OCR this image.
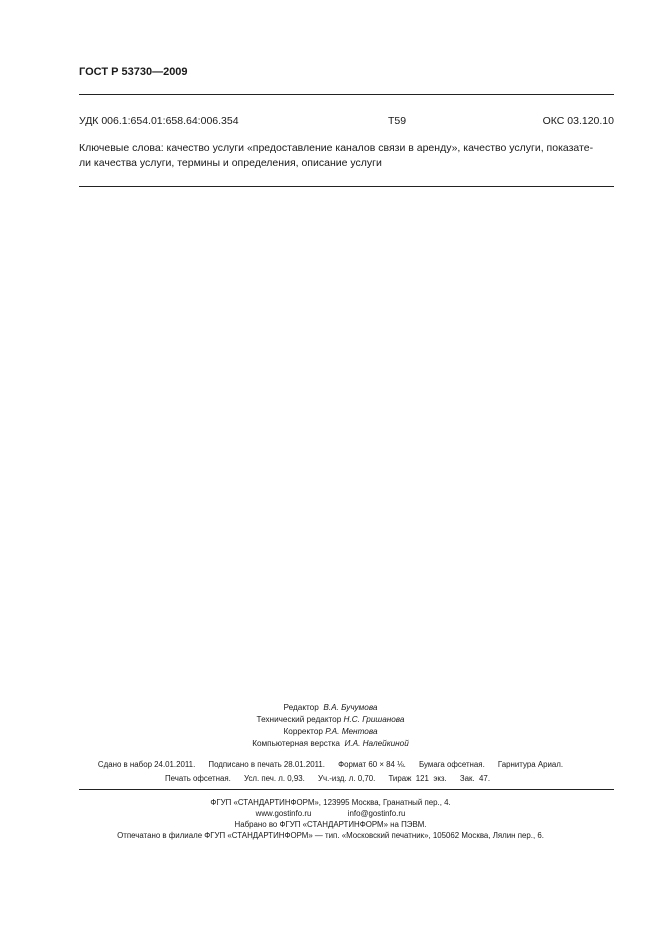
ГОСТ Р 53730—2009
УДК 006.1:654.01:658.64:006.354	Т59	ОКС 03.120.10
Ключевые слова: качество услуги «предоставление каналов связи в аренду», качество услуги, показате-
ли качества услуги, термины и определения, описание услуги
Редактор В.А. Бучумова
Технический редактор Н.С. Гришанова
Корректор Р.А. Ментова
Компьютерная верстка И.А. Налейкиной
Сдано в набор 24.01.2011.      Подписано в печать 28.01.2011.      Формат 60 × 84 ⅛.      Бумага офсетная.      Гарнитура Ариал.
Печать офсетная.      Усл. печ. л. 0,93.      Уч.-изд. л. 0,70.      Тираж  121  экз.      Зак.  47.
ФГУП «СТАНДАРТИНФОРМ», 123995 Москва, Гранатный пер., 4.
www.gostinfo.ru	info@gostinfo.ru
Набрано во ФГУП «СТАНДАРТИНФОРМ» на ПЭВМ.
Отпечатано в филиале ФГУП «СТАНДАРТИНФОРМ» — тип. «Московский печатник», 105062 Москва, Лялин пер., 6.
